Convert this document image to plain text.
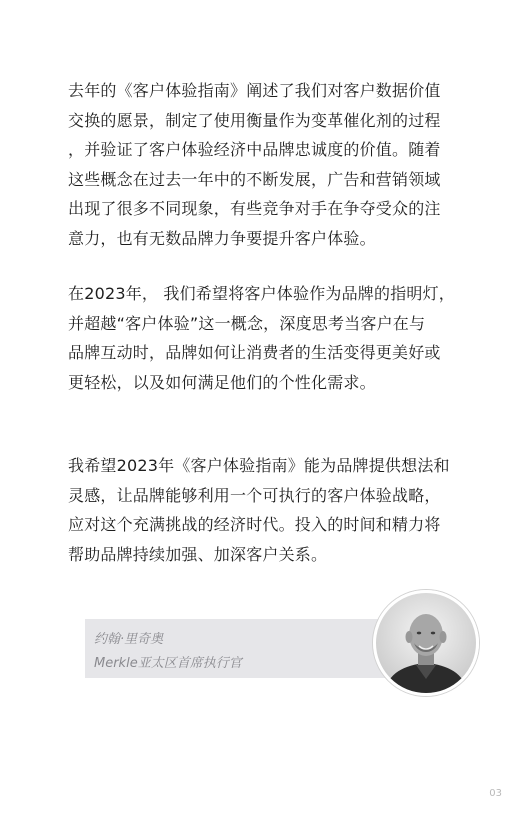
去年的《客户体验指南》阐述了我们对客户数据价值
交换的愿景，制定了使用衡量作为变革催化剂的过程
，并验证了客户体验经济中品牌忠诚度的价值。随着
这些概念在过去一年中的不断发展，广告和营销领域
出现了很多不同现象，有些竞争对手在争夺受众的注
意力，也有无数品牌力争要提升客户体验。

在2023年， 我们希望将客户体验作为品牌的指明灯，
并超越“客户体验”这一概念，深度思考当客户在与
品牌互动时，品牌如何让消费者的生活变得更美好或
更轻松，以及如何满足他们的个性化需求。

我希望2023年《客户体验指南》能为品牌提供想法和
灵感，让品牌能够利用一个可执行的客户体验战略，
应对这个充满挑战的经济时代。投入的时间和精力将
帮助品牌持续加强、加深客户关系。

约翰·里奇奥
Merkle亚太区首席执行官
03
